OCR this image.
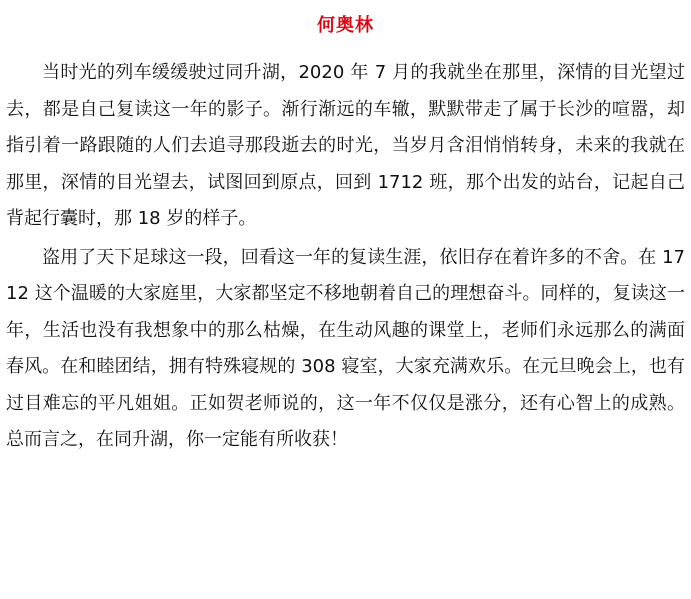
何奥林

当时光的列车缓缓驶过同升湖，2020 年 7 月的我就坐在那里，深情的目光望过去，都是自己复读这一年的影子。渐行渐远的车辙，默默带走了属于长沙的喧嚣，却指引着一路跟随的人们去追寻那段逝去的时光，当岁月含泪悄悄转身，未来的我就在那里，深情的目光望去，试图回到原点，回到 1712 班，那个出发的站台，记起自己背起行囊时，那 18 岁的样子。

盗用了天下足球这一段，回看这一年的复读生涯，依旧存在着许多的不舍。在 1712 这个温暖的大家庭里，大家都坚定不移地朝着自己的理想奋斗。同样的，复读这一年，生活也没有我想象中的那么枯燥，在生动风趣的课堂上，老师们永远那么的满面春风。在和睦团结，拥有特殊寝规的 308 寝室，大家充满欢乐。在元旦晚会上，也有过目难忘的平凡姐姐。正如贺老师说的，这一年不仅仅是涨分，还有心智上的成熟。总而言之，在同升湖，你一定能有所收获！
